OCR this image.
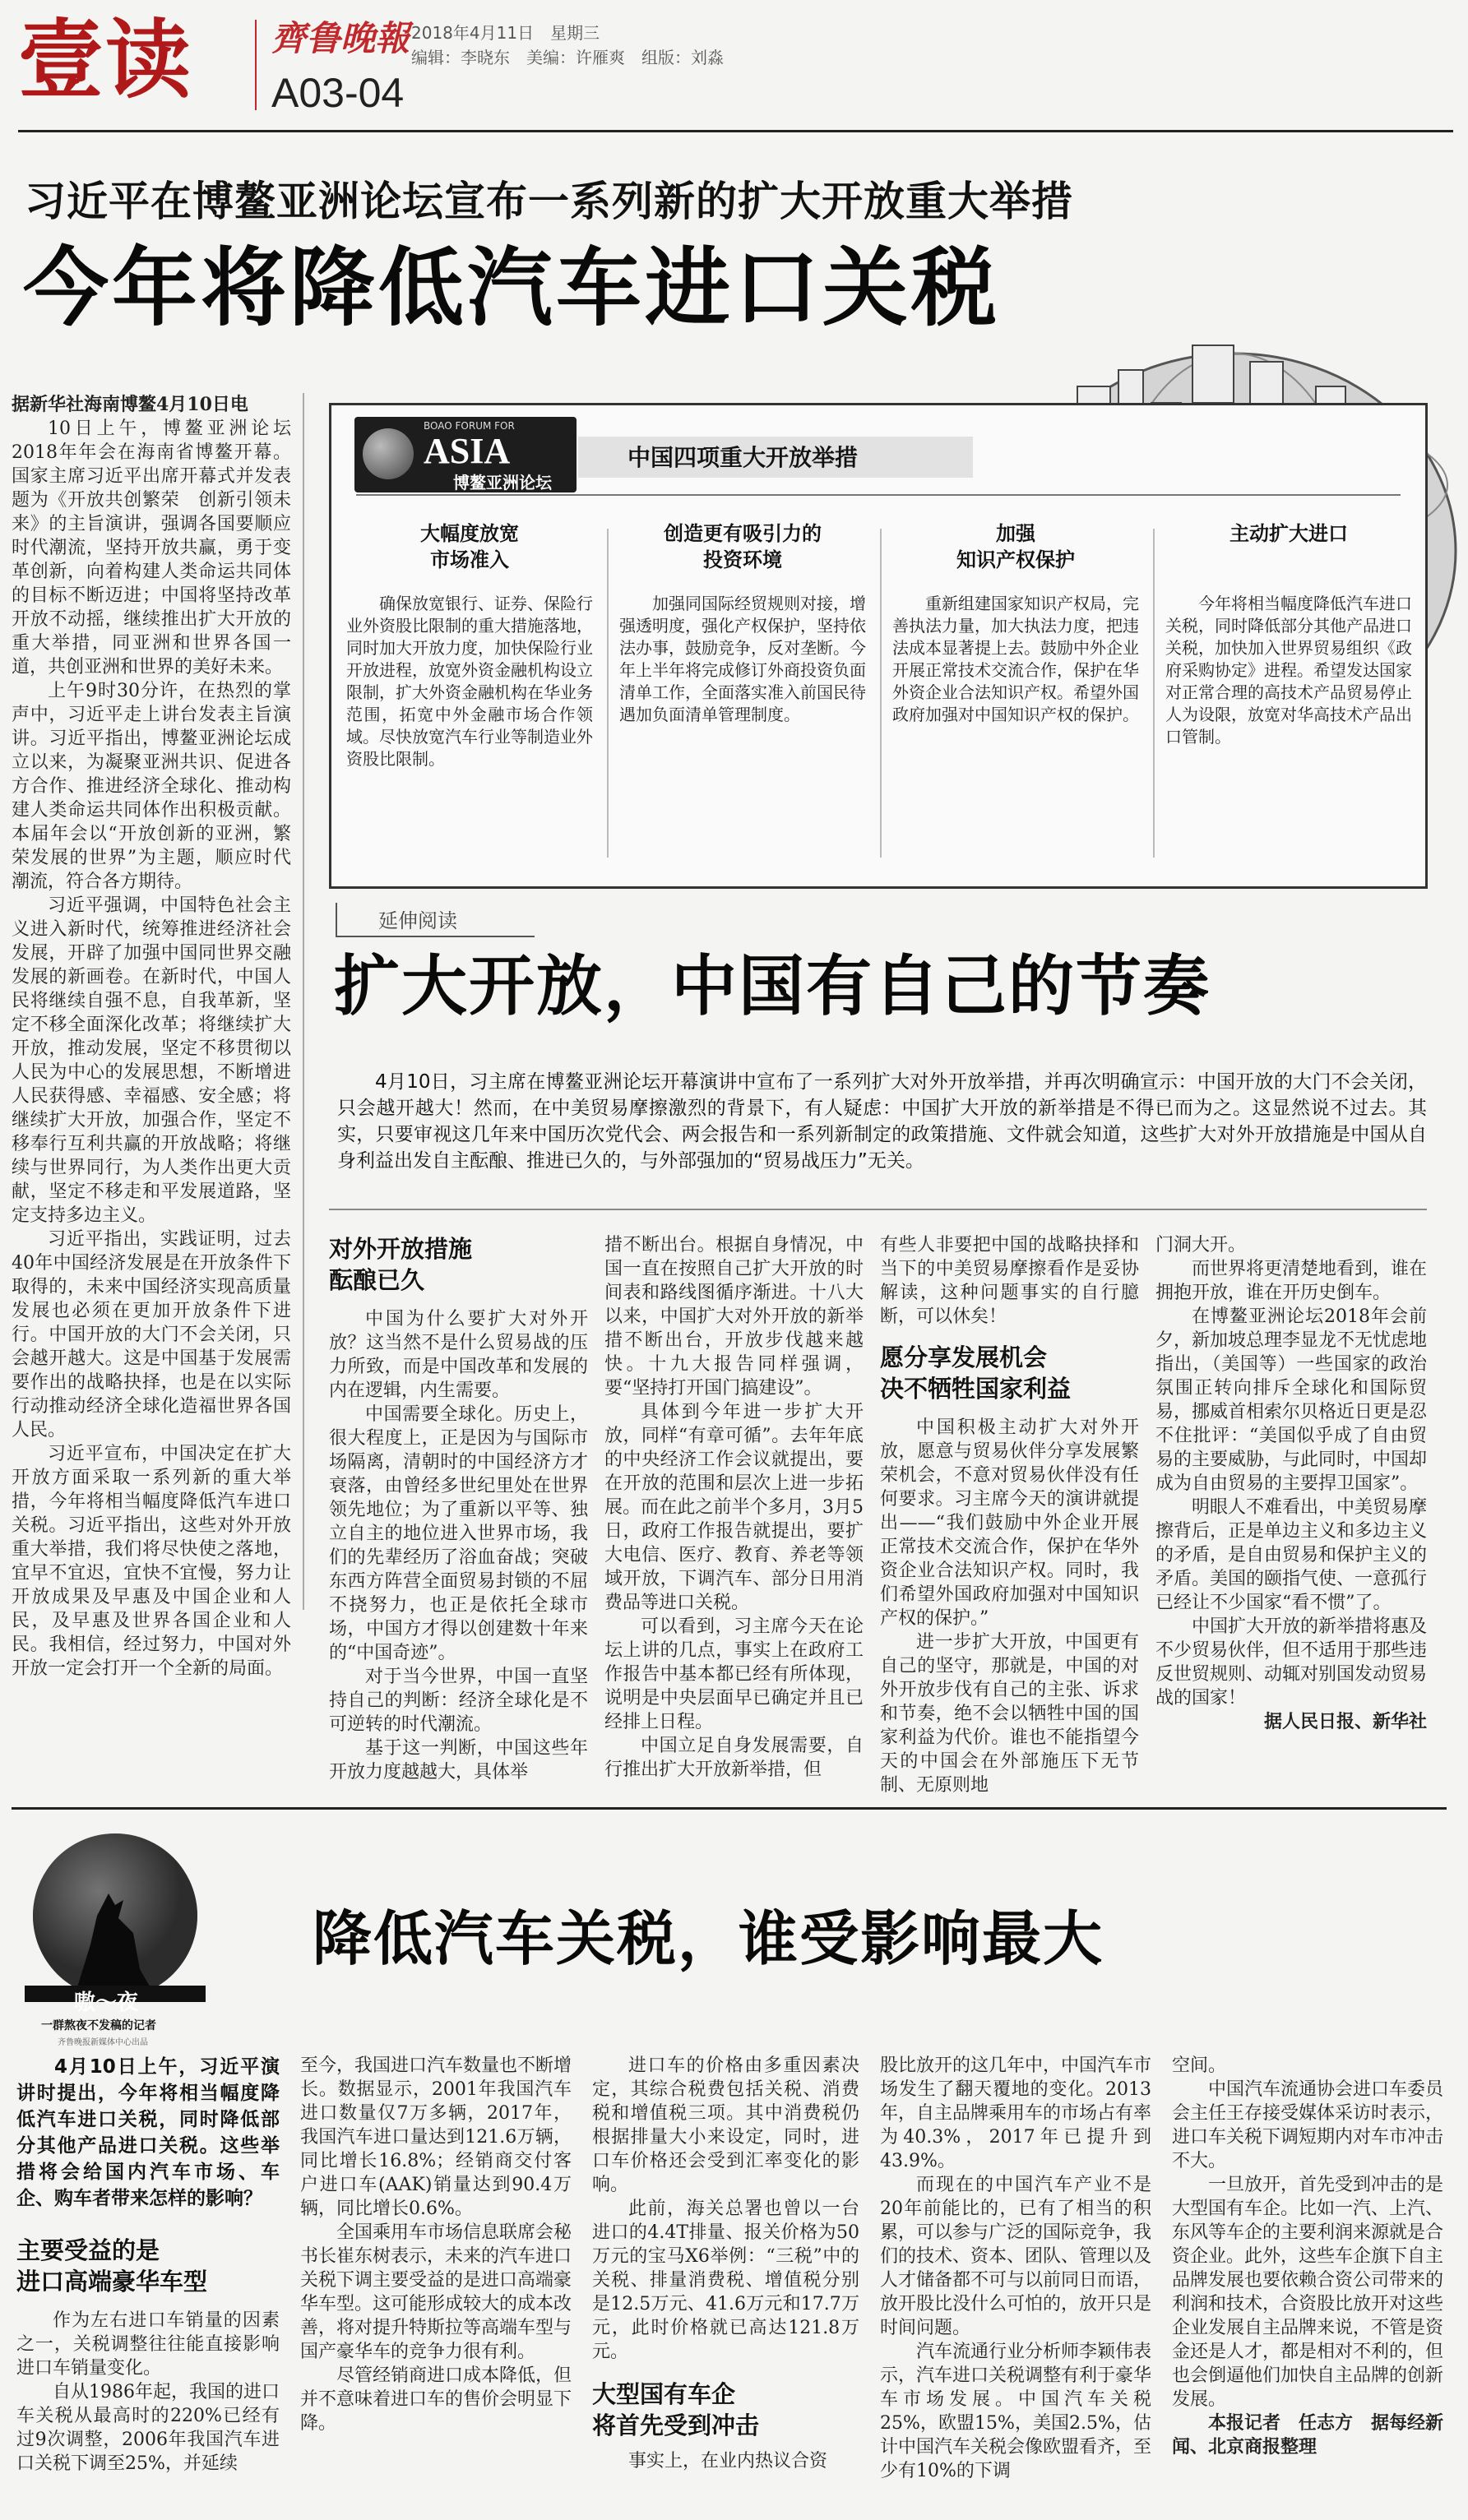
壹读 齊鲁晚報
A03-04
2018年4月11日　星期三
编辑：李晓东　美编：许雁爽　组版：刘淼
习近平在博鳌亚洲论坛宣布一系列新的扩大开放重大举措
今年将降低汽车进口关税

据新华社海南博鳌4月10日电

10日上午，博鳌亚洲论坛2018年年会在海南省博鳌开幕。国家主席习近平出席开幕式并发表题为《开放共创繁荣　创新引领未来》的主旨演讲，强调各国要顺应时代潮流，坚持开放共赢，勇于变革创新，向着构建人类命运共同体的目标不断迈进；中国将坚持改革开放不动摇，继续推出扩大开放的重大举措，同亚洲和世界各国一道，共创亚洲和世界的美好未来。

上午9时30分许，在热烈的掌声中，习近平走上讲台发表主旨演讲。习近平指出，博鳌亚洲论坛成立以来，为凝聚亚洲共识、促进各方合作、推进经济全球化、推动构建人类命运共同体作出积极贡献。本届年会以“开放创新的亚洲，繁荣发展的世界”为主题，顺应时代潮流，符合各方期待。

习近平强调，中国特色社会主义进入新时代，统筹推进经济社会发展，开辟了加强中国同世界交融发展的新画卷。在新时代，中国人民将继续自强不息，自我革新，坚定不移全面深化改革；将继续扩大开放，推动发展，坚定不移贯彻以人民为中心的发展思想，不断增进人民获得感、幸福感、安全感；将继续扩大开放，加强合作，坚定不移奉行互利共赢的开放战略；将继续与世界同行，为人类作出更大贡献，坚定不移走和平发展道路，坚定支持多边主义。

习近平指出，实践证明，过去40年中国经济发展是在开放条件下取得的，未来中国经济实现高质量发展也必须在更加开放条件下进行。中国开放的大门不会关闭，只会越开越大。这是中国基于发展需要作出的战略抉择，也是在以实际行动推动经济全球化造福世界各国人民。

习近平宣布，中国决定在扩大开放方面采取一系列新的重大举措，今年将相当幅度降低汽车进口关税。习近平指出，这些对外开放重大举措，我们将尽快使之落地，宜早不宜迟，宜快不宜慢，努力让开放成果及早惠及中国企业和人民，及早惠及世界各国企业和人民。我相信，经过努力，中国对外开放一定会打开一个全新的局面。

BOAO FORUM FOR
ASIA
博鳌亚洲论坛
中国四项重大开放举措
大幅度放宽
市场准入
确保放宽银行、证券、保险行业外资股比限制的重大措施落地，同时加大开放力度，加快保险行业开放进程，放宽外资金融机构设立限制，扩大外资金融机构在华业务范围，拓宽中外金融市场合作领域。尽快放宽汽车行业等制造业外资股比限制。
创造更有吸引力的
投资环境
加强同国际经贸规则对接，增强透明度，强化产权保护，坚持依法办事，鼓励竞争，反对垄断。今年上半年将完成修订外商投资负面清单工作，全面落实准入前国民待遇加负面清单管理制度。
加强
知识产权保护
重新组建国家知识产权局，完善执法力量，加大执法力度，把违法成本显著提上去。鼓励中外企业开展正常技术交流合作，保护在华外资企业合法知识产权。希望外国政府加强对中国知识产权的保护。
主动扩大进口
今年将相当幅度降低汽车进口关税，同时降低部分其他产品进口关税，加快加入世界贸易组织《政府采购协定》进程。希望发达国家对正常合理的高技术产品贸易停止人为设限，放宽对华高技术产品出口管制。
延伸阅读
扩大开放，中国有自己的节奏
4月10日，习主席在博鳌亚洲论坛开幕演讲中宣布了一系列扩大对外开放举措，并再次明确宣示：中国开放的大门不会关闭，只会越开越大！然而，在中美贸易摩擦激烈的背景下，有人疑虑：中国扩大开放的新举措是不得已而为之。这显然说不过去。其实，只要审视这几年来中国历次党代会、两会报告和一系列新制定的政策措施、文件就会知道，这些扩大对外开放措施是中国从自身利益出发自主酝酿、推进已久的，与外部强加的“贸易战压力”无关。
对外开放措施
酝酿已久

中国为什么要扩大对外开放？这当然不是什么贸易战的压力所致，而是中国改革和发展的内在逻辑，内生需要。

中国需要全球化。历史上，很大程度上，正是因为与国际市场隔离，清朝时的中国经济方才衰落，由曾经多世纪里处在世界领先地位；为了重新以平等、独立自主的地位进入世界市场，我们的先辈经历了浴血奋战；突破东西方阵营全面贸易封锁的不屈不挠努力，也正是依托全球市场，中国方才得以创建数十年来的“中国奇迹”。

对于当今世界，中国一直坚持自己的判断：经济全球化是不可逆转的时代潮流。

基于这一判断，中国这些年开放力度越越大，具体举

措不断出台。根据自身情况，中国一直在按照自己扩大开放的时间表和路线图循序渐进。十八大以来，中国扩大对外开放的新举措不断出台，开放步伐越来越快。十九大报告同样强调，要“坚持打开国门搞建设”。

具体到今年进一步扩大开放，同样“有章可循”。去年年底的中央经济工作会议就提出，要在开放的范围和层次上进一步拓展。而在此之前半个多月，3月5日，政府工作报告就提出，要扩大电信、医疗、教育、养老等领域开放，下调汽车、部分日用消费品等进口关税。

可以看到，习主席今天在论坛上讲的几点，事实上在政府工作报告中基本都已经有所体现，说明是中央层面早已确定并且已经排上日程。

中国立足自身发展需要，自行推出扩大开放新举措，但

有些人非要把中国的战略抉择和当下的中美贸易摩擦看作是妥协解读，这种问题事实的自行臆断，可以休矣！

愿分享发展机会
决不牺牲国家利益

中国积极主动扩大对外开放，愿意与贸易伙伴分享发展繁荣机会，不意对贸易伙伴没有任何要求。习主席今天的演讲就提出——“我们鼓励中外企业开展正常技术交流合作，保护在华外资企业合法知识产权。同时，我们希望外国政府加强对中国知识产权的保护。”

进一步扩大开放，中国更有自己的坚守，那就是，中国的对外开放步伐有自己的主张、诉求和节奏，绝不会以牺牲中国的国家利益为代价。谁也不能指望今天的中国会在外部施压下无节制、无原则地

门洞大开。

而世界将更清楚地看到，谁在拥抱开放，谁在开历史倒车。

在博鳌亚洲论坛2018年会前夕，新加坡总理李显龙不无忧虑地指出，（美国等）一些国家的政治氛围正转向排斥全球化和国际贸易，挪威首相索尔贝格近日更是忍不住批评：“美国似乎成了自由贸易的主要威胁，与此同时，中国却成为自由贸易的主要捍卫国家”。

明眼人不难看出，中美贸易摩擦背后，正是单边主义和多边主义的矛盾，是自由贸易和保护主义的矛盾。美国的颐指气使、一意孤行已经让不少国家“看不惯”了。

中国扩大开放的新举措将惠及不少贸易伙伴，但不适用于那些违反世贸规则、动辄对别国发动贸易战的国家！

据人民日报、新华社

嗷～夜
一群熬夜不发稿的记者
齐鲁晚报新媒体中心出品
降低汽车关税，谁受影响最大
4月10日上午，习近平演讲时提出，今年将相当幅度降低汽车进口关税，同时降低部分其他产品进口关税。这些举措将会给国内汽车市场、车企、购车者带来怎样的影响？
主要受益的是
进口高端豪华车型

作为左右进口车销量的因素之一，关税调整往往能直接影响进口车销量变化。

自从1986年起，我国的进口车关税从最高时的220%已经有过9次调整，2006年我国汽车进口关税下调至25%，并延续

至今，我国进口汽车数量也不断增长。数据显示，2001年我国汽车进口数量仅7万多辆，2017年，我国汽车进口量达到121.6万辆，同比增长16.8%；经销商交付客户进口车(AAK)销量达到90.4万辆，同比增长0.6%。

全国乘用车市场信息联席会秘书长崔东树表示，未来的汽车进口关税下调主要受益的是进口高端豪华车型。这可能形成较大的成本改善，将对提升特斯拉等高端车型与国产豪华车的竞争力很有利。

尽管经销商进口成本降低，但并不意味着进口车的售价会明显下降。

进口车的价格由多重因素决定，其综合税费包括关税、消费税和增值税三项。其中消费税仍根据排量大小来设定，同时，进口车价格还会受到汇率变化的影响。

此前，海关总署也曾以一台进口的4.4T排量、报关价格为50万元的宝马X6举例：“三税”中的关税、排量消费税、增值税分别是12.5万元、41.6万元和17.7万元，此时价格就已高达121.8万元。

大型国有车企
将首先受到冲击

事实上，在业内热议合资

股比放开的这几年中，中国汽车市场发生了翻天覆地的变化。2013年，自主品牌乘用车的市场占有率为40.3%，2017年已提升到43.9%。

而现在的中国汽车产业不是20年前能比的，已有了相当的积累，可以参与广泛的国际竞争，我们的技术、资本、团队、管理以及人才储备都不可与以前同日而语，放开股比没什么可怕的，放开只是时间问题。

汽车流通行业分析师李颖伟表示，汽车进口关税调整有利于豪华车市场发展。中国汽车关税25%，欧盟15%，美国2.5%，估计中国汽车关税会像欧盟看齐，至少有10%的下调

空间。

中国汽车流通协会进口车委员会主任王存接受媒体采访时表示，进口车关税下调短期内对车市冲击不大。

一旦放开，首先受到冲击的是大型国有车企。比如一汽、上汽、东风等车企的主要利润来源就是合资企业。此外，这些车企旗下自主品牌发展也要依赖合资公司带来的利润和技术，合资股比放开对这些企业发展自主品牌来说，不管是资金还是人才，都是相对不利的，但也会倒逼他们加快自主品牌的创新发展。

本报记者　任志方　据每经新闻、北京商报整理
